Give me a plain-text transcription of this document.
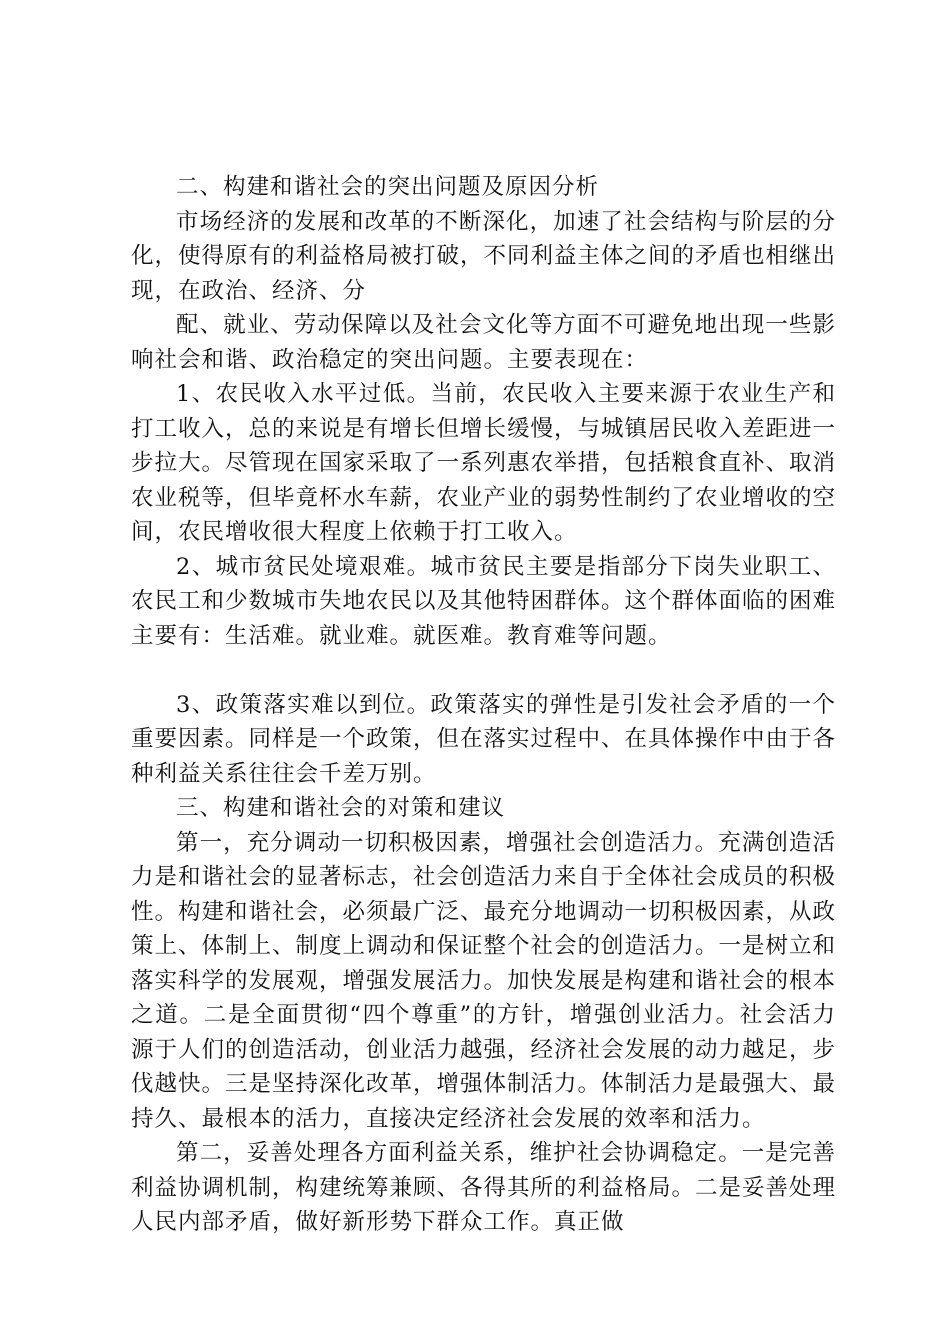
二、构建和谐社会的突出问题及原因分析

市场经济的发展和改革的不断深化，加速了社会结构与阶层的分化，使得原有的利益格局被打破，不同利益主体之间的矛盾也相继出现，在政治、经济、分

配、就业、劳动保障以及社会文化等方面不可避免地出现一些影响社会和谐、政治稳定的突出问题。主要表现在：

1、农民收入水平过低。当前，农民收入主要来源于农业生产和打工收入，总的来说是有增长但增长缓慢，与城镇居民收入差距进一步拉大。尽管现在国家采取了一系列惠农举措，包括粮食直补、取消农业税等，但毕竟杯水车薪，农业产业的弱势性制约了农业增收的空间，农民增收很大程度上依赖于打工收入。

2、城市贫民处境艰难。城市贫民主要是指部分下岗失业职工、农民工和少数城市失地农民以及其他特困群体。这个群体面临的困难主要有：生活难。就业难。就医难。教育难等问题。

3、政策落实难以到位。政策落实的弹性是引发社会矛盾的一个重要因素。同样是一个政策，但在落实过程中、在具体操作中由于各种利益关系往往会千差万别。

三、构建和谐社会的对策和建议

第一，充分调动一切积极因素，增强社会创造活力。充满创造活力是和谐社会的显著标志，社会创造活力来自于全体社会成员的积极性。构建和谐社会，必须最广泛、最充分地调动一切积极因素，从政策上、体制上、制度上调动和保证整个社会的创造活力。一是树立和落实科学的发展观，增强发展活力。加快发展是构建和谐社会的根本之道。二是全面贯彻“四个尊重”的方针，增强创业活力。社会活力源于人们的创造活动，创业活力越强，经济社会发展的动力越足，步伐越快。三是坚持深化改革，增强体制活力。体制活力是最强大、最持久、最根本的活力，直接决定经济社会发展的效率和活力。

第二，妥善处理各方面利益关系，维护社会协调稳定。一是完善利益协调机制，构建统筹兼顾、各得其所的利益格局。二是妥善处理人民内部矛盾，做好新形势下群众工作。真正做
